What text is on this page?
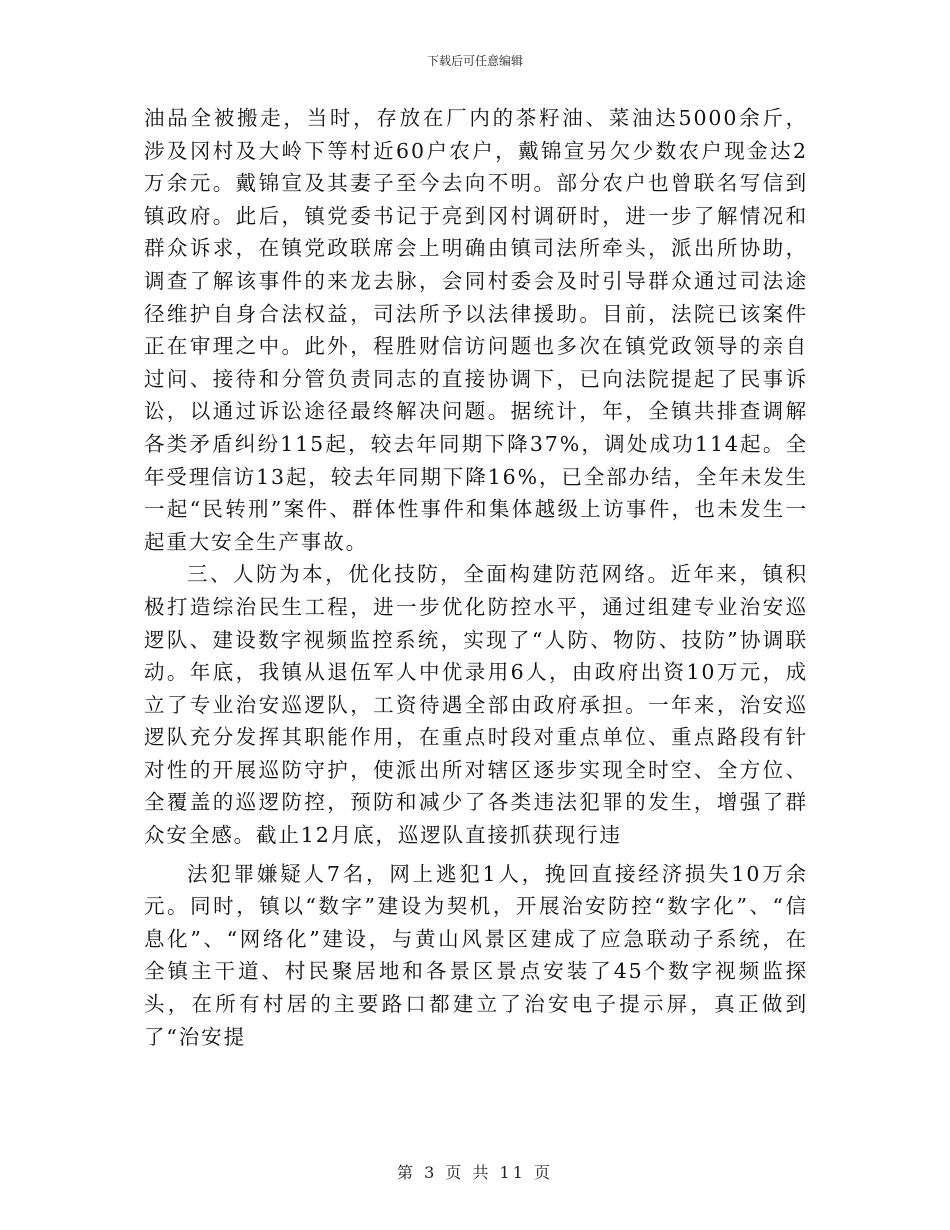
下载后可任意编辑

油品全被搬走，当时，存放在厂内的茶籽油、菜油达5000余斤，涉及冈村及大岭下等村近60户农户，戴锦宣另欠少数农户现金达2万余元。戴锦宣及其妻子至今去向不明。部分农户也曾联名写信到镇政府。此后，镇党委书记于亮到冈村调研时，进一步了解情况和群众诉求，在镇党政联席会上明确由镇司法所牵头，派出所协助，调查了解该事件的来龙去脉，会同村委会及时引导群众通过司法途径维护自身合法权益，司法所予以法律援助。目前，法院已该案件正在审理之中。此外，程胜财信访问题也多次在镇党政领导的亲自过问、接待和分管负责同志的直接协调下，已向法院提起了民事诉讼，以通过诉讼途径最终解决问题。据统计，年，全镇共排查调解各类矛盾纠纷115起，较去年同期下降37%，调处成功114起。全年受理信访13起，较去年同期下降16%，已全部办结，全年未发生一起“民转刑”案件、群体性事件和集体越级上访事件，也未发生一起重大安全生产事故。

三、人防为本，优化技防，全面构建防范网络。近年来，镇积极打造综治民生工程，进一步优化防控水平，通过组建专业治安巡逻队、建设数字视频监控系统，实现了“人防、物防、技防”协调联动。年底，我镇从退伍军人中优录用6人，由政府出资10万元，成立了专业治安巡逻队，工资待遇全部由政府承担。一年来，治安巡逻队充分发挥其职能作用，在重点时段对重点单位、重点路段有针对性的开展巡防守护，使派出所对辖区逐步实现全时空、全方位、全覆盖的巡逻防控，预防和减少了各类违法犯罪的发生，增强了群众安全感。截止12月底，巡逻队直接抓获现行违

法犯罪嫌疑人7名，网上逃犯1人，挽回直接经济损失10万余元。同时，镇以“数字”建设为契机，开展治安防控“数字化”、“信息化”、“网络化”建设，与黄山风景区建成了应急联动子系统，在全镇主干道、村民聚居地和各景区景点安装了45个数字视频监探头，在所有村居的主要路口都建立了治安电子提示屏，真正做到了“治安提

第 3 页 共 11 页
